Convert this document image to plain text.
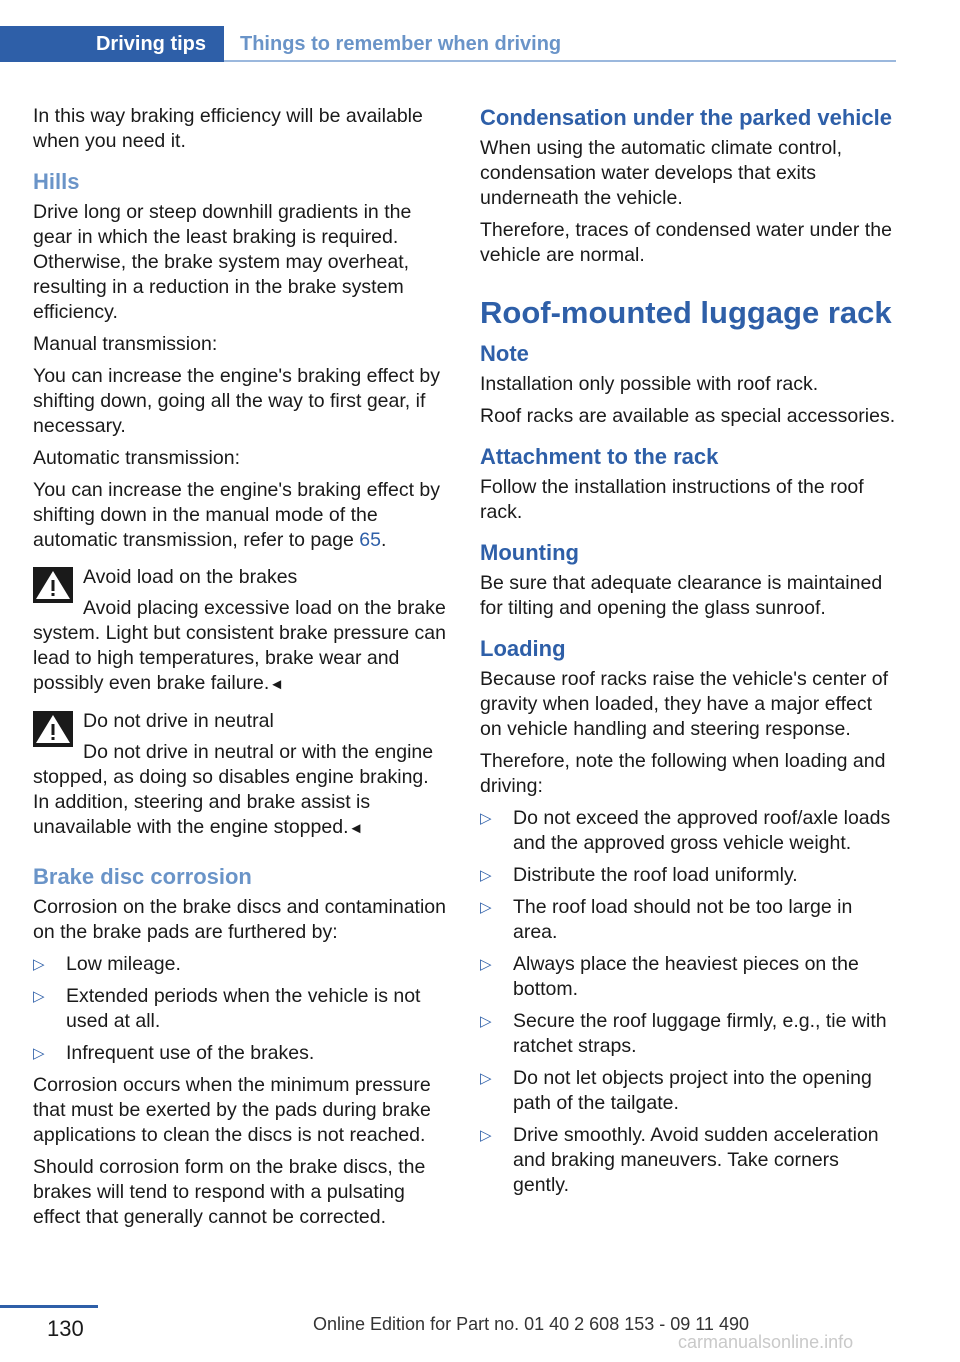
Driving tips	Things to remember when driving

In this way braking efficiency will be available when you need it.

Hills

Drive long or steep downhill gradients in the gear in which the least braking is required. Otherwise, the brake system may overheat, resulting in a reduction in the brake system efficiency.

Manual transmission:

You can increase the engine's braking effect by shifting down, going all the way to first gear, if necessary.

Automatic transmission:

You can increase the engine's braking effect by shifting down in the manual mode of the automatic transmission, refer to page 65.

Avoid load on the brakes
Avoid placing excessive load on the brake
system. Light but consistent brake pressure can lead to high temperatures, brake wear and possibly even brake failure.◄
Do not drive in neutral
Do not drive in neutral or with the engine
stopped, as doing so disables engine braking. In addition, steering and brake assist is unavailable with the engine stopped.◄
Brake disc corrosion

Corrosion on the brake discs and contamination on the brake pads are furthered by:

▷ Low mileage.
▷ Extended periods when the vehicle is not used at all.
▷ Infrequent use of the brakes.

Corrosion occurs when the minimum pressure that must be exerted by the pads during brake applications to clean the discs is not reached.

Should corrosion form on the brake discs, the brakes will tend to respond with a pulsating effect that generally cannot be corrected.

Condensation under the parked vehicle

When using the automatic climate control, condensation water develops that exits underneath the vehicle.

Therefore, traces of condensed water under the vehicle are normal.

Roof-mounted luggage rack
Note

Installation only possible with roof rack.

Roof racks are available as special accessories.

Attachment to the rack

Follow the installation instructions of the roof rack.

Mounting

Be sure that adequate clearance is maintained for tilting and opening the glass sunroof.

Loading

Because roof racks raise the vehicle's center of gravity when loaded, they have a major effect on vehicle handling and steering response.

Therefore, note the following when loading and driving:

▷ Do not exceed the approved roof/axle loads and the approved gross vehicle weight.
▷ Distribute the roof load uniformly.
▷ The roof load should not be too large in area.
▷ Always place the heaviest pieces on the bottom.
▷ Secure the roof luggage firmly, e.g., tie with ratchet straps.
▷ Do not let objects project into the opening path of the tailgate.
▷ Drive smoothly. Avoid sudden acceleration and braking maneuvers. Take corners gently.
130	Online Edition for Part no. 01 40 2 608 153 - 09 11 490
carmanualsonline.info
